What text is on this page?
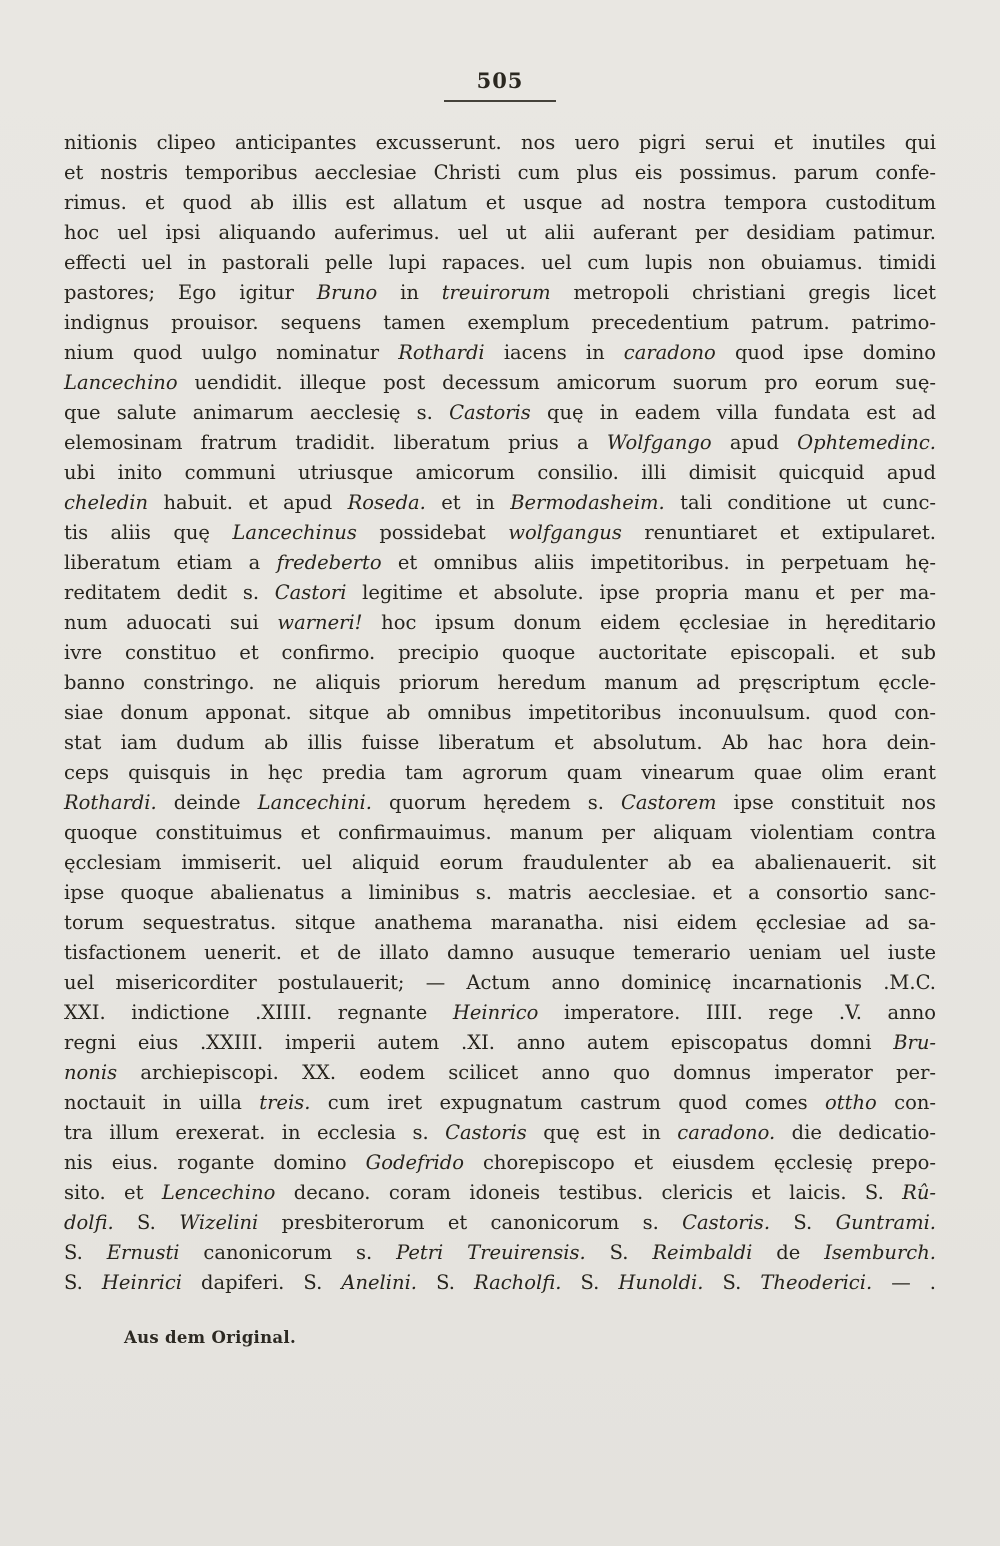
505
nitionis clipeo anticipantes excusserunt. nos uero pigri serui et inutiles qui
et nostris temporibus aecclesiae Christi cum plus eis possimus. parum confe-
rimus. et quod ab illis est allatum et usque ad nostra tempora custoditum
hoc uel ipsi aliquando auferimus. uel ut alii auferant per desidiam patimur.
effecti uel in pastorali pelle lupi rapaces. uel cum lupis non obuiamus. timidi
pastores; Ego igitur Bruno in treuirorum metropoli christiani gregis licet
indignus prouisor. sequens tamen exemplum precedentium patrum. patrimo-
nium quod uulgo nominatur Rothardi iacens in caradono quod ipse domino
Lancechino uendidit. illeque post decessum amicorum suorum pro eorum suę-
que salute animarum aecclesię s. Castoris quę in eadem villa fundata est ad
elemosinam fratrum tradidit. liberatum prius a Wolfgango apud Ophtemedinc.
ubi inito communi utriusque amicorum consilio. illi dimisit quicquid apud
cheledin habuit. et apud Roseda. et in Bermodasheim. tali conditione ut cunc-
tis aliis quę Lancechinus possidebat wolfgangus renuntiaret et extipularet.
liberatum etiam a fredeberto et omnibus aliis impetitoribus. in perpetuam hę-
reditatem dedit s. Castori legitime et absolute. ipse propria manu et per ma-
num aduocati sui warneri! hoc ipsum donum eidem ęcclesiae in hęreditario
ivre constituo et confirmo. precipio quoque auctoritate episcopali. et sub
banno constringo. ne aliquis priorum heredum manum ad pręscriptum ęccle-
siae donum apponat. sitque ab omnibus impetitoribus inconuulsum. quod con-
stat iam dudum ab illis fuisse liberatum et absolutum. Ab hac hora dein-
ceps quisquis in hęc predia tam agrorum quam vinearum quae olim erant
Rothardi. deinde Lancechini. quorum hęredem s. Castorem ipse constituit nos
quoque constituimus et confirmauimus. manum per aliquam violentiam contra
ęcclesiam immiserit. uel aliquid eorum fraudulenter ab ea abalienauerit. sit
ipse quoque abalienatus a liminibus s. matris aecclesiae. et a consortio sanc-
torum sequestratus. sitque anathema maranatha. nisi eidem ęcclesiae ad sa-
tisfactionem uenerit. et de illato damno ausuque temerario ueniam uel iuste
uel misericorditer postulauerit; — Actum anno dominicę incarnationis .M.C.
XXI. indictione .XIIII. regnante Heinrico imperatore. IIII. rege .V. anno
regni eius .XXIII. imperii autem .XI. anno autem episcopatus domni Bru-
nonis archiepiscopi. XX. eodem scilicet anno quo domnus imperator per-
noctauit in uilla treis. cum iret expugnatum castrum quod comes ottho con-
tra illum erexerat. in ecclesia s. Castoris quę est in caradono. die dedicatio-
nis eius. rogante domino Godefrido chorepiscopo et eiusdem ęcclesię prepo-
sito. et Lencechino decano. coram idoneis testibus. clericis et laicis. S. Rû-
dolfi. S. Wizelini presbiterorum et canonicorum s. Castoris. S. Guntrami.
S. Ernusti canonicorum s. Petri Treuirensis. S. Reimbaldi de Isemburch.
S. Heinrici dapiferi. S. Anelini. S. Racholfi. S. Hunoldi. S. Theoderici. — .
Aus dem Original.
